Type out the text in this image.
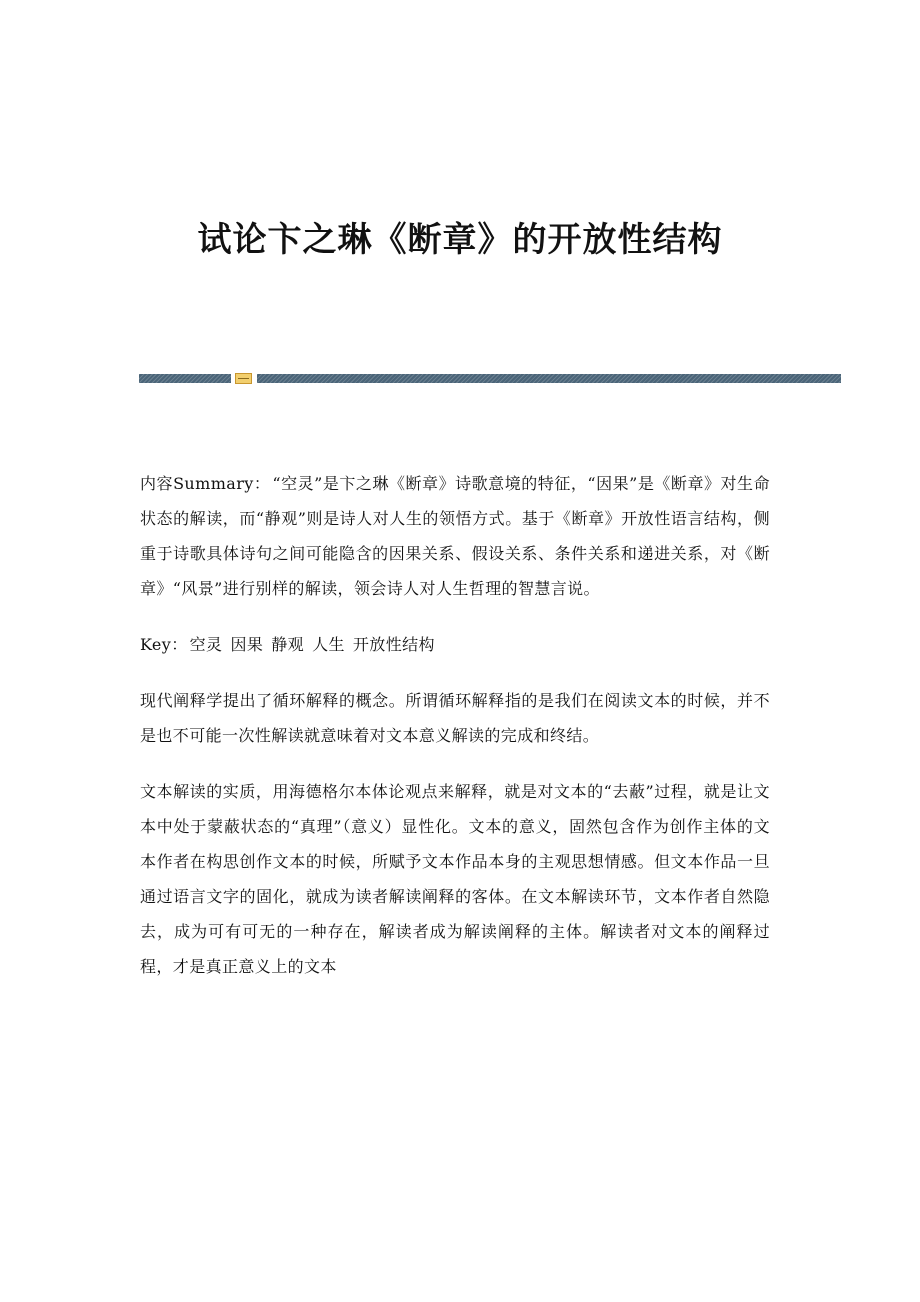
试论卞之琳《断章》的开放性结构

内容Summary： “空灵”是卞之琳《断章》诗歌意境的特征，“因果”是《断章》对生命状态的解读，而“静观”则是诗人对人生的领悟方式。基于《断章》开放性语言结构，侧重于诗歌具体诗句之间可能隐含的因果关系、假设关系、条件关系和递进关系，对《断章》“风景”进行别样的解读，领会诗人对人生哲理的智慧言说。

Key： 空灵 因果 静观 人生 开放性结构

现代阐释学提出了循环解释的概念。所谓循环解释指的是我们在阅读文本的时候，并不是也不可能一次性解读就意味着对文本意义解读的完成和终结。

文本解读的实质，用海德格尔本体论观点来解释，就是对文本的“去蔽”过程，就是让文本中处于蒙蔽状态的“真理”（意义）显性化。文本的意义，固然包含作为创作主体的文本作者在构思创作文本的时候，所赋予文本作品本身的主观思想情感。但文本作品一旦通过语言文字的固化，就成为读者解读阐释的客体。在文本解读环节，文本作者自然隐去，成为可有可无的一种存在，解读者成为解读阐释的主体。解读者对文本的阐释过程，才是真正意义上的文本
